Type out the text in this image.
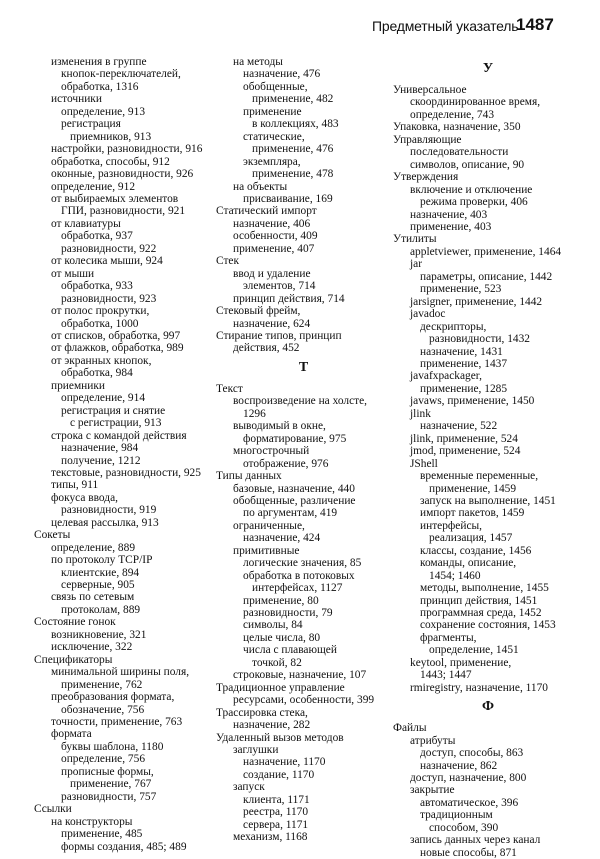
Предметный указатель
1487
изменения в группе
кнопок-переключателей,
обработка, 1316
источники
определение, 913
регистрация
приемников, 913
настройки, разновидности, 916
обработка, способы, 912
оконные, разновидности, 926
определение, 912
от выбираемых элементов
ГПИ, разновидности, 921
от клавиатуры
обработка, 937
разновидности, 922
от колесика мыши, 924
от мыши
обработка, 933
разновидности, 923
от полос прокрутки,
обработка, 1000
от списков, обработка, 997
от флажков, обработка, 989
от экранных кнопок,
обработка, 984
приемники
определение, 914
регистрация и снятие
с регистрации, 913
строка с командой действия
назначение, 984
получение, 1212
текстовые, разновидности, 925
типы, 911
фокуса ввода,
разновидности, 919
целевая рассылка, 913
Сокеты
определение, 889
по протоколу TCP/IP
клиентские, 894
серверные, 905
связь по сетевым
протоколам, 889
Состояние гонок
возникновение, 321
исключение, 322
Спецификаторы
минимальной ширины поля,
применение, 762
преобразования формата,
обозначение, 756
точности, применение, 763
формата
буквы шаблона, 1180
определение, 756
прописные формы,
применение, 767
разновидности, 757
Ссылки
на конструкторы
применение, 485
формы создания, 485; 489
на методы
назначение, 476
обобщенные,
применение, 482
применение
в коллекциях, 483
статические,
применение, 476
экземпляра,
применение, 478
на объекты
присваивание, 169
Статический импорт
назначение, 406
особенности, 409
применение, 407
Стек
ввод и удаление
элементов, 714
принцип действия, 714
Стековый фрейм,
назначение, 624
Стирание типов, принцип
действия, 452
Т
Текст
воспроизведение на холсте,
1296
выводимый в окне,
форматирование, 975
многострочный
отображение, 976
Типы данных
базовые, назначение, 440
обобщенные, различение
по аргументам, 419
ограниченные,
назначение, 424
примитивные
логические значения, 85
обработка в потоковых
интерфейсах, 1127
применение, 80
разновидности, 79
символы, 84
целые числа, 80
числа с плавающей
точкой, 82
строковые, назначение, 107
Традиционное управление
ресурсами, особенности, 399
Трассировка стека,
назначение, 282
Удаленный вызов методов
заглушки
назначение, 1170
создание, 1170
запуск
клиента, 1171
реестра, 1170
сервера, 1171
механизм, 1168
У
Универсальное
скоординированное время,
определение, 743
Упаковка, назначение, 350
Управляющие
последовательности
символов, описание, 90
Утверждения
включение и отключение
режима проверки, 406
назначение, 403
применение, 403
Утилиты
appletviewer, применение, 1464
jar
параметры, описание, 1442
применение, 523
jarsigner, применение, 1442
javadoc
дескрипторы,
разновидности, 1432
назначение, 1431
применение, 1437
javafxpackager,
применение, 1285
javaws, применение, 1450
jlink
назначение, 522
jlink, применение, 524
jmod, применение, 524
JShell
временные переменные,
применение, 1459
запуск на выполнение, 1451
импорт пакетов, 1459
интерфейсы,
реализация, 1457
классы, создание, 1456
команды, описание,
1454; 1460
методы, выполнение, 1455
принцип действия, 1451
программная среда, 1452
сохранение состояния, 1453
фрагменты,
определение, 1451
keytool, применение,
1443; 1447
rmiregistry, назначение, 1170
Ф
Файлы
атрибуты
доступ, способы, 863
назначение, 862
доступ, назначение, 800
закрытие
автоматическое, 396
традиционным
способом, 390
запись данных через канал
новые способы, 871
